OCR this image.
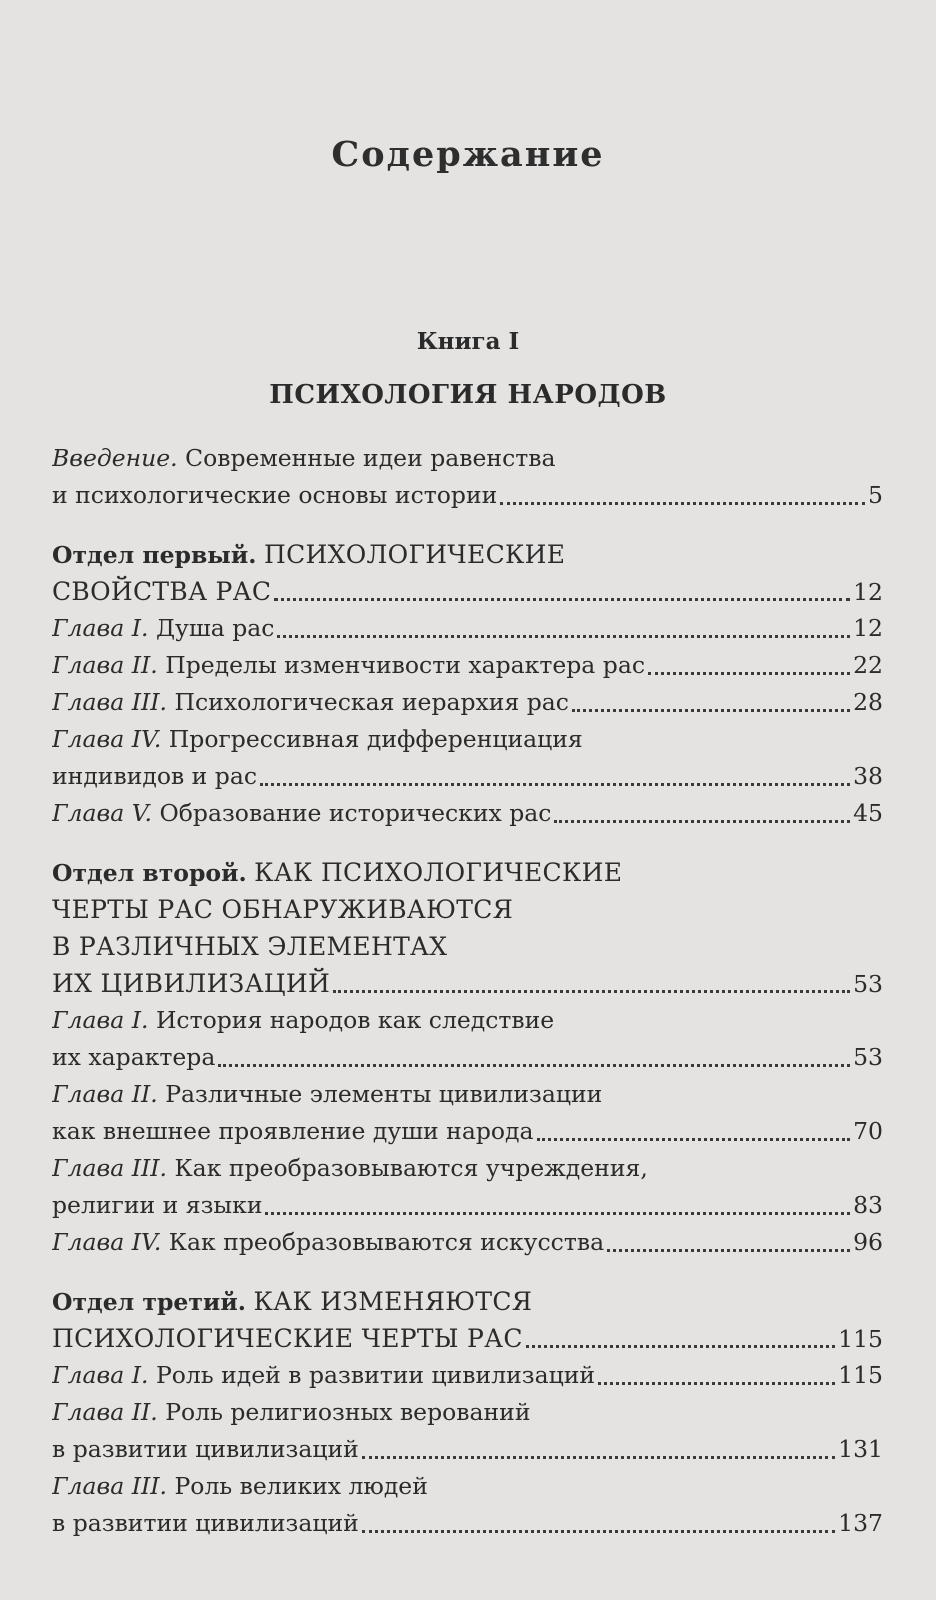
Содержание
Книга I
ПСИХОЛОГИЯ НАРОДОВ
Введение. Современные идеи равенства
и психологические основы истории	5
Отдел первый. ПСИХОЛОГИЧЕСКИЕ
СВОЙСТВА РАС	12
Глава I. Душа рас	12
Глава II. Пределы изменчивости характера рас	22
Глава III. Психологическая иерархия рас	28
Глава IV. Прогрессивная дифференциация
индивидов и рас	38
Глава V. Образование исторических рас	45
Отдел второй. КАК ПСИХОЛОГИЧЕСКИЕ
ЧЕРТЫ РАС ОБНАРУЖИВАЮТСЯ
В РАЗЛИЧНЫХ ЭЛЕМЕНТАХ
ИХ ЦИВИЛИЗАЦИЙ	53
Глава I. История народов как следствие
их характера	53
Глава II. Различные элементы цивилизации
как внешнее проявление души народа	70
Глава III. Как преобразовываются учреждения,
религии и языки	83
Глава IV. Как преобразовываются искусства	96
Отдел третий. КАК ИЗМЕНЯЮТСЯ
ПСИХОЛОГИЧЕСКИЕ ЧЕРТЫ РАС	115
Глава I. Роль идей в развитии цивилизаций	115
Глава II. Роль религиозных верований
в развитии цивилизаций	131
Глава III. Роль великих людей
в развитии цивилизаций	137
